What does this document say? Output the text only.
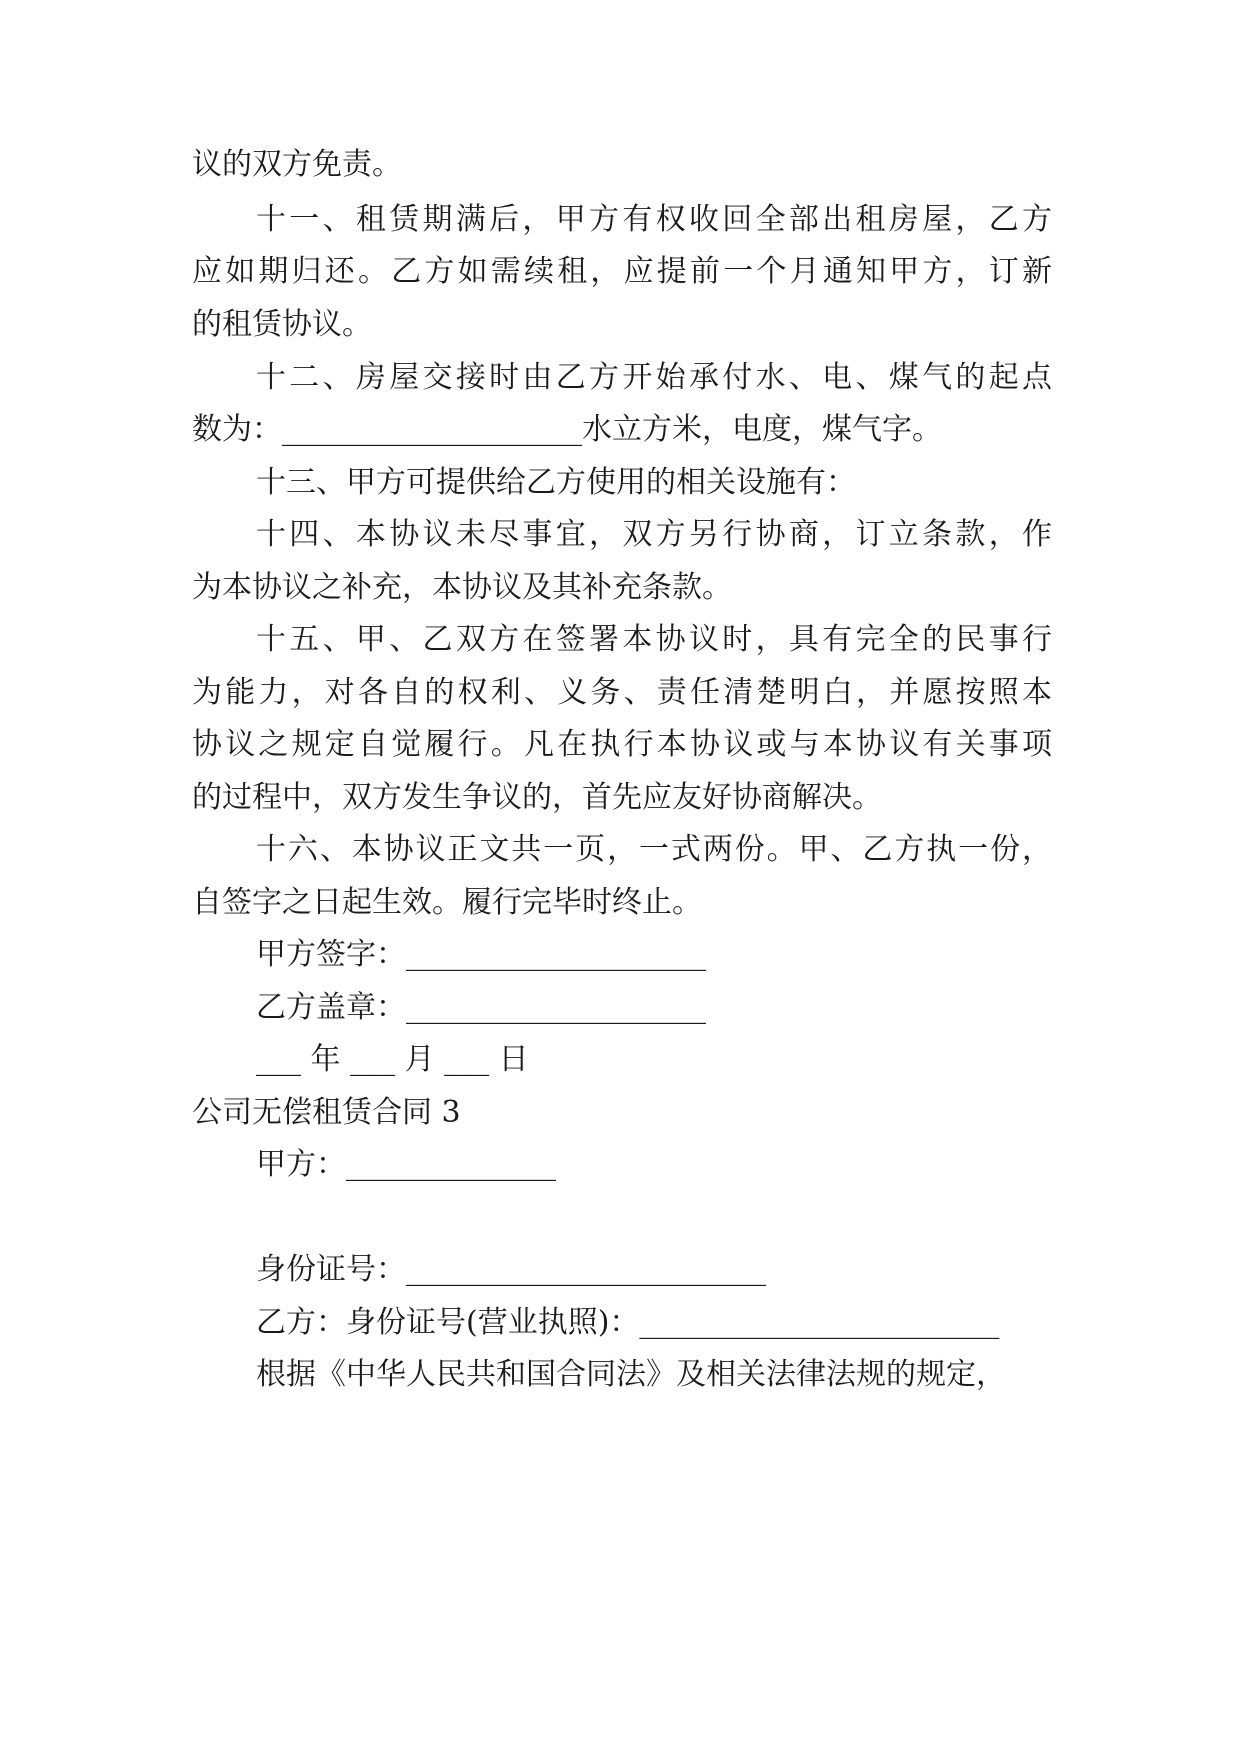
议的双方免责。
十一、租赁期满后，甲方有权收回全部出租房屋，乙方
应如期归还。乙方如需续租，应提前一个月通知甲方，订新
的租赁协议。
十二、房屋交接时由乙方开始承付水、电、煤气的起点
数为：____________________水立方米，电度，煤气字。
十三、甲方可提供给乙方使用的相关设施有：
十四、本协议未尽事宜，双方另行协商，订立条款，作
为本协议之补充，本协议及其补充条款。
十五、甲、乙双方在签署本协议时，具有完全的民事行
为能力，对各自的权利、义务、责任清楚明白，并愿按照本
协议之规定自觉履行。凡在执行本协议或与本协议有关事项
的过程中，双方发生争议的，首先应友好协商解决。
十六、本协议正文共一页，一式两份。甲、乙方执一份，
自签字之日起生效。履行完毕时终止。
甲方签字：____________________
乙方盖章：____________________
___ 年 ___ 月 ___ 日
公司无偿租赁合同 3
甲方：______________
身份证号：________________________
乙方：身份证号(营业执照)：________________________
根据《中华人民共和国合同法》及相关法律法规的规定，
